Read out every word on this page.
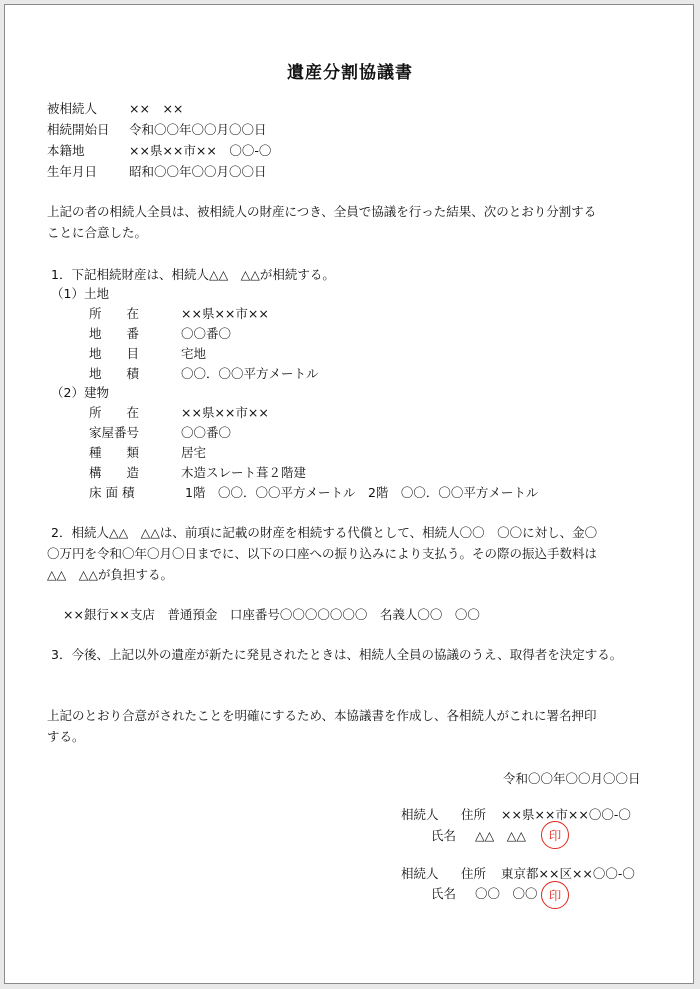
遺産分割協議書
被相続人	××　××
相続開始日 令和〇〇年〇〇月〇〇日
本籍地	××県××市××　〇〇-〇
生年月日	昭和〇〇年〇〇月〇〇日
上記の者の相続人全員は、被相続人の財産につき、全員で協議を行った結果、次のとおり分割する
ことに合意した。
1．下記相続財産は、相続人△△　△△が相続する。
（1）土地
所　　在	××県××市××
地　　番	〇〇番〇
地　　目	宅地
地　　積	〇〇．〇〇平方メートル
（2）建物
所　　在	××県××市××
家屋番号	〇〇番〇
種　　類	居宅
構　　造	木造スレート葺２階建
床 面 積	1階　〇〇．〇〇平方メートル　2階　〇〇．〇〇平方メートル
2．相続人△△　△△は、前項に記載の財産を相続する代償として、相続人〇〇　〇〇に対し、金〇
〇万円を令和〇年〇月〇日までに、以下の口座への振り込みにより支払う。その際の振込手数料は
△△　△△が負担する。
××銀行××支店　普通預金　口座番号〇〇〇〇〇〇〇　名義人〇〇　〇〇
3．今後、上記以外の遺産が新たに発見されたときは、相続人全員の協議のうえ、取得者を決定する。
上記のとおり合意がされたことを明確にするため、本協議書を作成し、各相続人がこれに署名押印
する。
令和〇〇年〇〇月〇〇日
相続人 住所 ××県××市××〇〇-〇
氏名 △△　△△	印
相続人 住所 東京都××区××〇〇-〇
氏名 〇〇　〇〇 印
